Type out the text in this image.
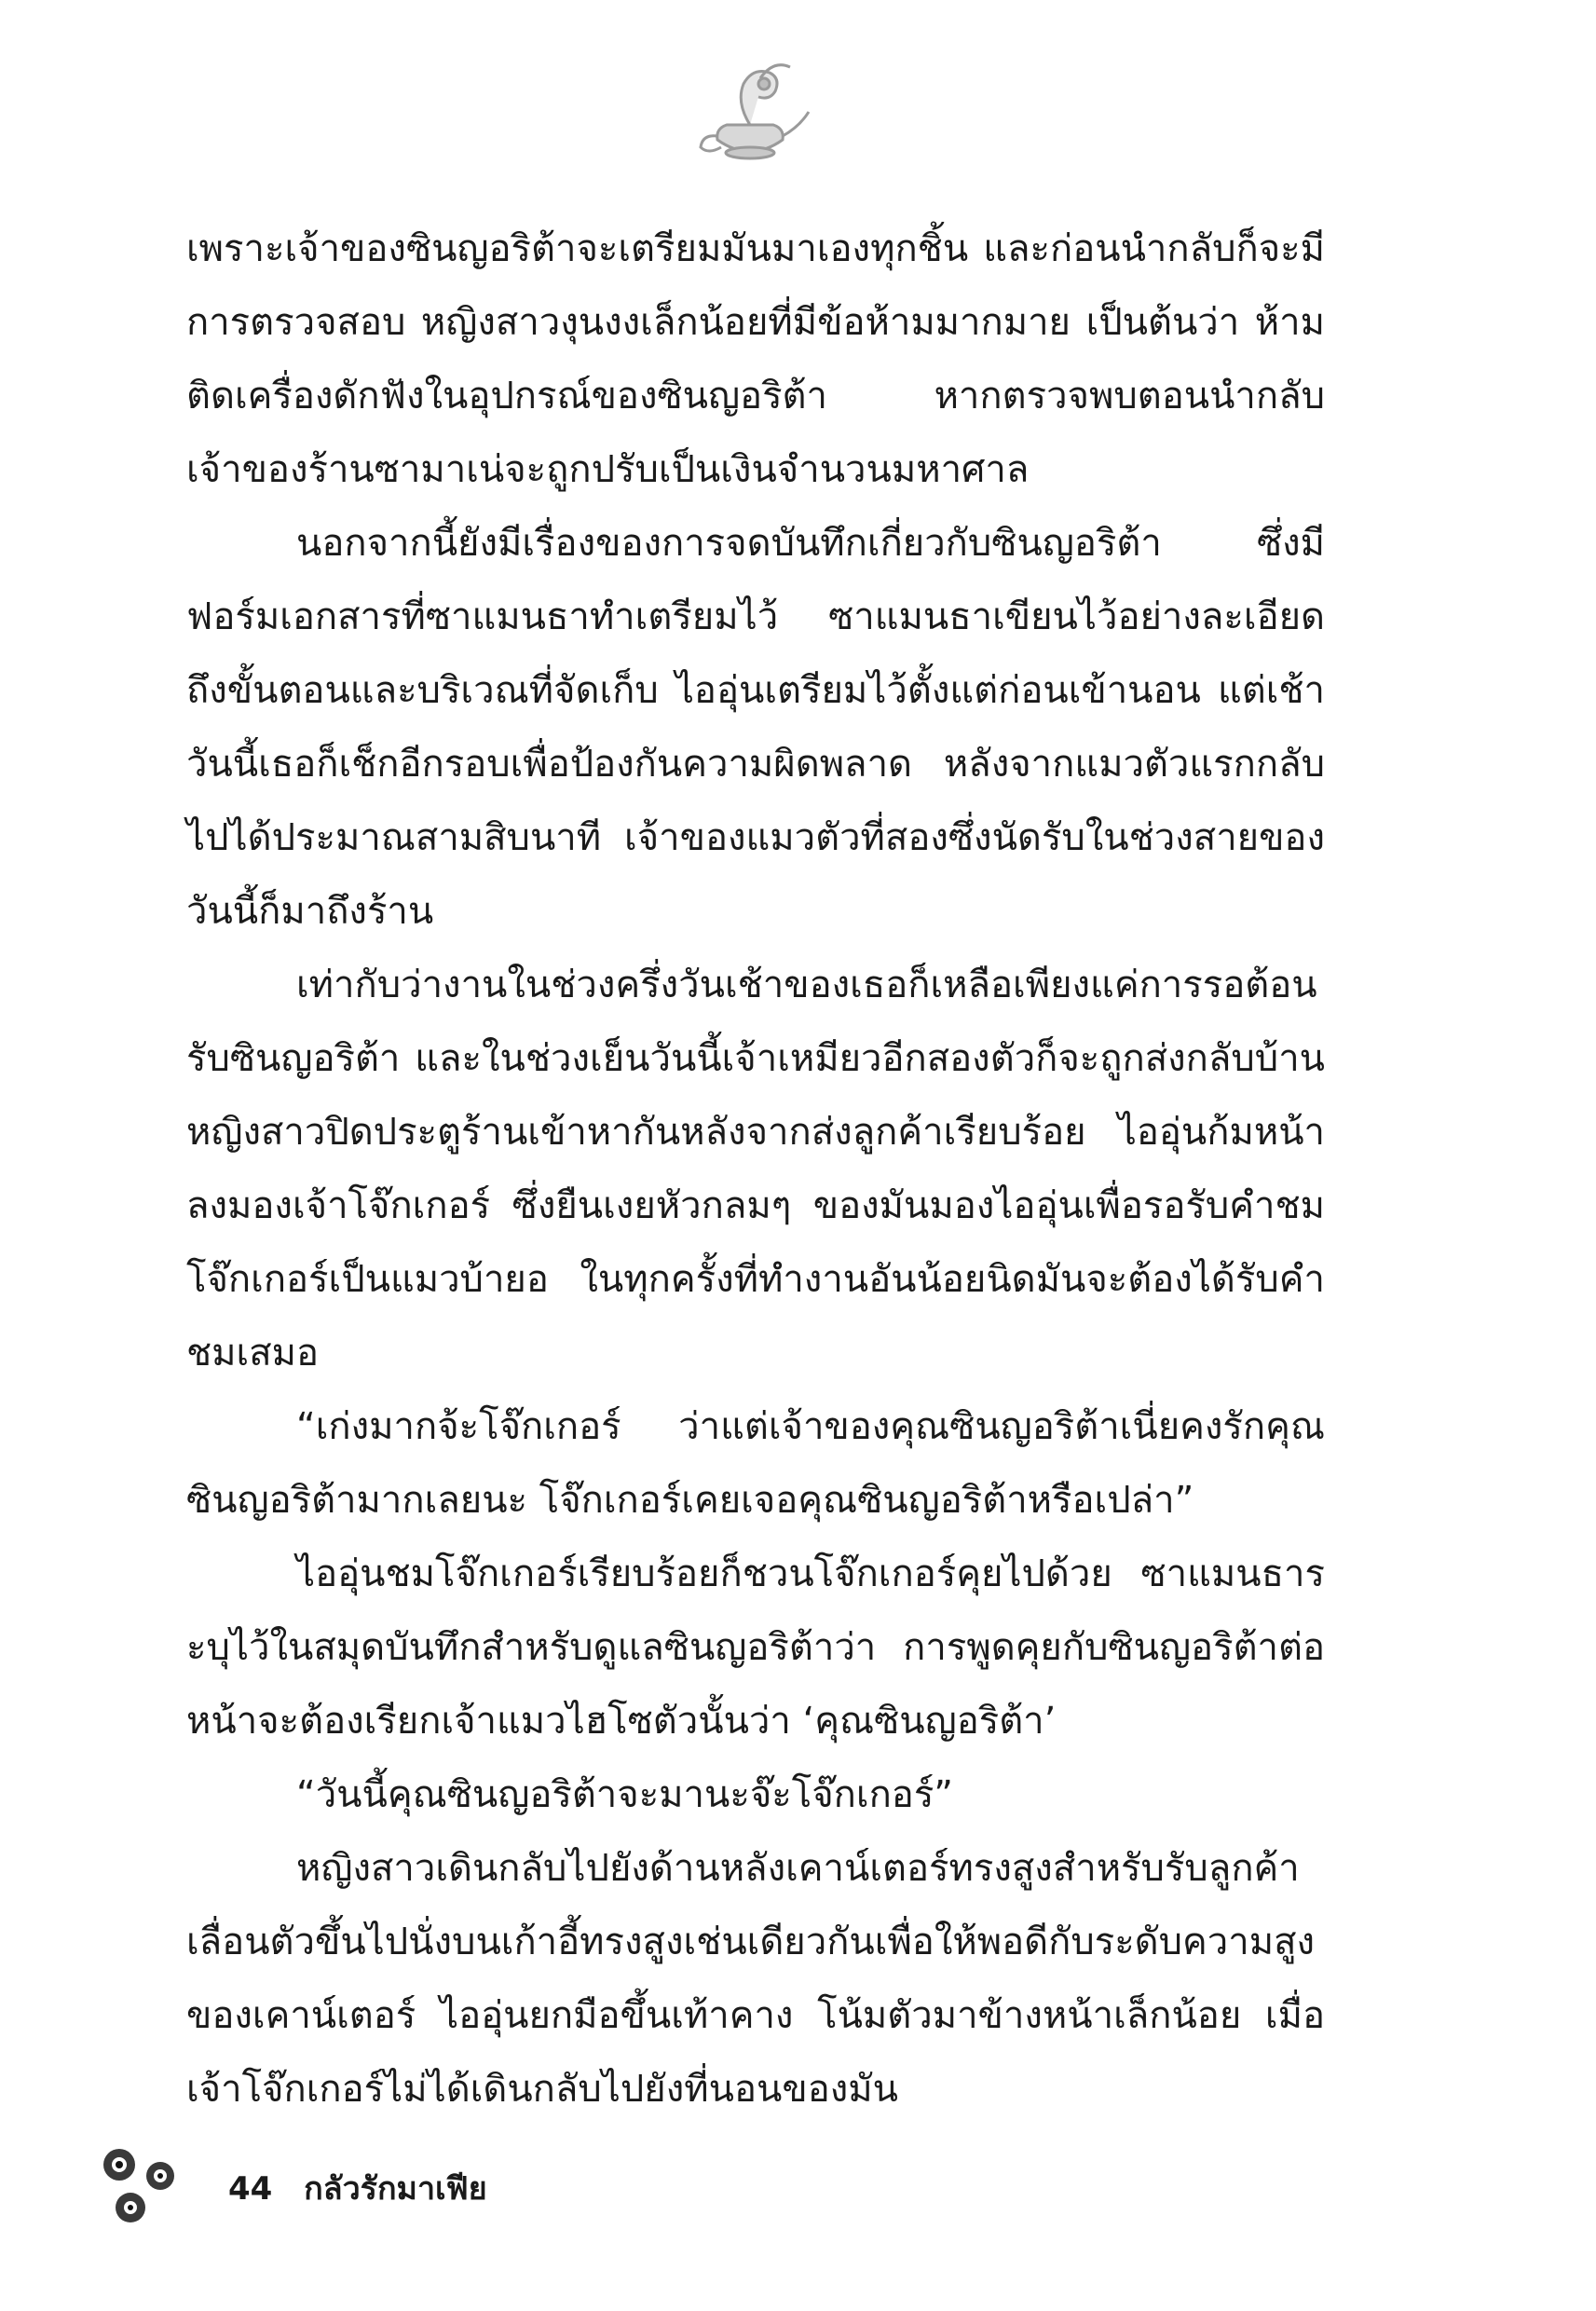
เพราะเจ้าของซินญอริต้าจะเตรียมมันมาเองทุกชิ้น และก่อนนำกลับก็จะมีการตรวจสอบ หญิงสาวงุนงงเล็กน้อยที่มีข้อห้ามมากมาย เป็นต้นว่า ห้ามติดเครื่องดักฟังในอุปกรณ์ของซินญอริต้า หากตรวจพบตอนนำกลับ เจ้าของร้านซามาเน่จะถูกปรับเป็นเงินจำนวนมหาศาล

นอกจากนี้ยังมีเรื่องของการจดบันทึกเกี่ยวกับซินญอริต้า ซึ่งมีฟอร์มเอกสารที่ซาแมนธาทำเตรียมไว้ ซาแมนธาเขียนไว้อย่างละเอียดถึงขั้นตอนและบริเวณที่จัดเก็บ ไออุ่นเตรียมไว้ตั้งแต่ก่อนเข้านอน แต่เช้าวันนี้เธอก็เช็กอีกรอบเพื่อป้องกันความผิดพลาด หลังจากแมวตัวแรกกลับไปได้ประมาณสามสิบนาที เจ้าของแมวตัวที่สองซึ่งนัดรับในช่วงสายของวันนี้ก็มาถึงร้าน

เท่ากับว่างานในช่วงครึ่งวันเช้าของเธอก็เหลือเพียงแค่การรอต้อนรับซินญอริต้า และในช่วงเย็นวันนี้เจ้าเหมียวอีกสองตัวก็จะถูกส่งกลับบ้าน หญิงสาวปิดประตูร้านเข้าหากันหลังจากส่งลูกค้าเรียบร้อย ไออุ่นก้มหน้าลงมองเจ้าโจ๊กเกอร์ ซึ่งยืนเงยหัวกลมๆ ของมันมองไออุ่นเพื่อรอรับคำชม โจ๊กเกอร์เป็นแมวบ้ายอ ในทุกครั้งที่ทำงานอันน้อยนิดมันจะต้องได้รับคำชมเสมอ

“เก่งมากจ้ะโจ๊กเกอร์ ว่าแต่เจ้าของคุณซินญอริต้าเนี่ยคงรักคุณซินญอริต้ามากเลยนะ โจ๊กเกอร์เคยเจอคุณซินญอริต้าหรือเปล่า”

ไออุ่นชมโจ๊กเกอร์เรียบร้อยก็ชวนโจ๊กเกอร์คุยไปด้วย ซาแมนธาระบุไว้ในสมุดบันทึกสำหรับดูแลซินญอริต้าว่า การพูดคุยกับซินญอริต้าต่อหน้าจะต้องเรียกเจ้าแมวไฮโซตัวนั้นว่า ‘คุณซินญอริต้า’

“วันนี้คุณซินญอริต้าจะมานะจ๊ะโจ๊กเกอร์”

หญิงสาวเดินกลับไปยังด้านหลังเคาน์เตอร์ทรงสูงสำหรับรับลูกค้าเลื่อนตัวขึ้นไปนั่งบนเก้าอี้ทรงสูงเช่นเดียวกันเพื่อให้พอดีกับระดับความสูงของเคาน์เตอร์ ไออุ่นยกมือขึ้นเท้าคาง โน้มตัวมาข้างหน้าเล็กน้อย เมื่อเจ้าโจ๊กเกอร์ไม่ได้เดินกลับไปยังที่นอนของมัน

44 กลัวรักมาเฟีย
